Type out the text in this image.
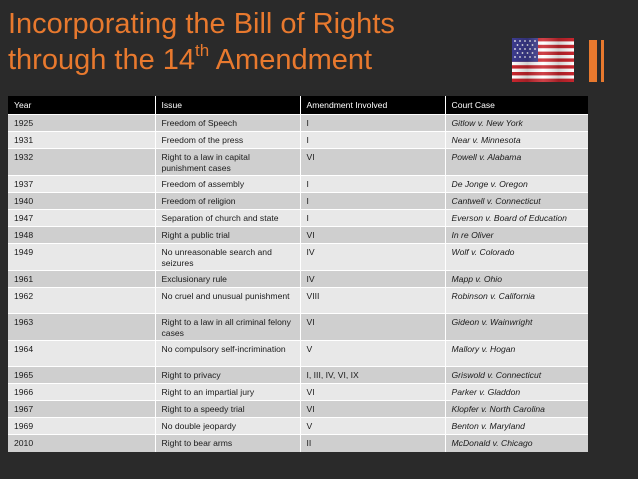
Incorporating the Bill of Rights
through the 14th Amendment
Year	Issue	Amendment Involved	Court Case
1925	Freedom of Speech	I	Gitlow v. New York
1931	Freedom of the press	I	Near v. Minnesota
1932	Right to a law in capital punishment cases	VI	Powell v. Alabama
1937	Freedom of assembly	I	De Jonge v. Oregon
1940	Freedom of religion	I	Cantwell v. Connecticut
1947	Separation of church and state	I	Everson v. Board of Education
1948	Right a public trial	VI	In re Oliver
1949	No unreasonable search and seizures	IV	Wolf v. Colorado
1961	Exclusionary rule	IV	Mapp v. Ohio
1962	No cruel and unusual punishment	VIII	Robinson v. California
1963	Right to a law in all criminal felony cases	VI	Gideon v. Wainwright
1964	No compulsory self-incrimination	V	Mallory v. Hogan
1965	Right to privacy	I, III, IV, VI, IX	Griswold v. Connecticut
1966	Right to an impartial jury	VI	Parker v. Gladdon
1967	Right to a speedy trial	VI	Klopfer v. North Carolina
1969	No double jeopardy	V	Benton v. Maryland
2010	Right to bear arms	II	McDonald v. Chicago
